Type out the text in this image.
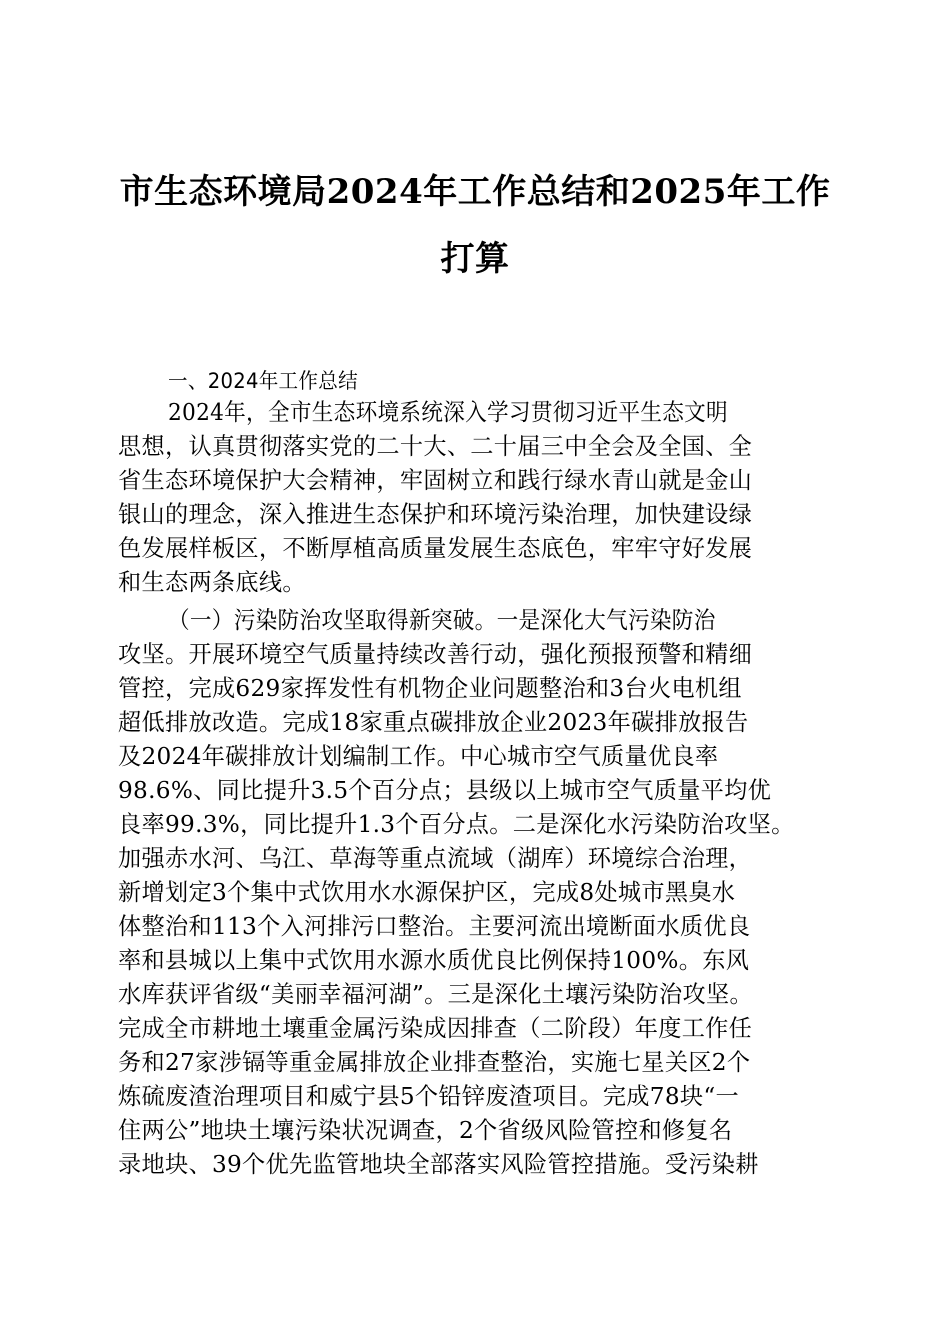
市生态环境局2024年工作总结和2025年工作
打算
一、2024年工作总结
2024年，全市生态环境系统深入学习贯彻习近平生态文明
思想，认真贯彻落实党的二十大、二十届三中全会及全国、全
省生态环境保护大会精神，牢固树立和践行绿水青山就是金山
银山的理念，深入推进生态保护和环境污染治理，加快建设绿
色发展样板区，不断厚植高质量发展生态底色，牢牢守好发展
和生态两条底线。
（一）污染防治攻坚取得新突破。一是深化大气污染防治
攻坚。开展环境空气质量持续改善行动，强化预报预警和精细
管控，完成629家挥发性有机物企业问题整治和3台火电机组
超低排放改造。完成18家重点碳排放企业2023年碳排放报告
及2024年碳排放计划编制工作。中心城市空气质量优良率
98.6%、同比提升3.5个百分点；县级以上城市空气质量平均优
良率99.3%，同比提升1.3个百分点。二是深化水污染防治攻坚。
加强赤水河、乌江、草海等重点流域（湖库）环境综合治理，
新增划定3个集中式饮用水水源保护区，完成8处城市黑臭水
体整治和113个入河排污口整治。主要河流出境断面水质优良
率和县城以上集中式饮用水源水质优良比例保持100%。东风
水库获评省级“美丽幸福河湖”。三是深化土壤污染防治攻坚。
完成全市耕地土壤重金属污染成因排查（二阶段）年度工作任
务和27家涉镉等重金属排放企业排查整治，实施七星关区2个
炼硫废渣治理项目和威宁县5个铅锌废渣项目。完成78块“一
住两公”地块土壤污染状况调查，2个省级风险管控和修复名
录地块、39个优先监管地块全部落实风险管控措施。受污染耕
